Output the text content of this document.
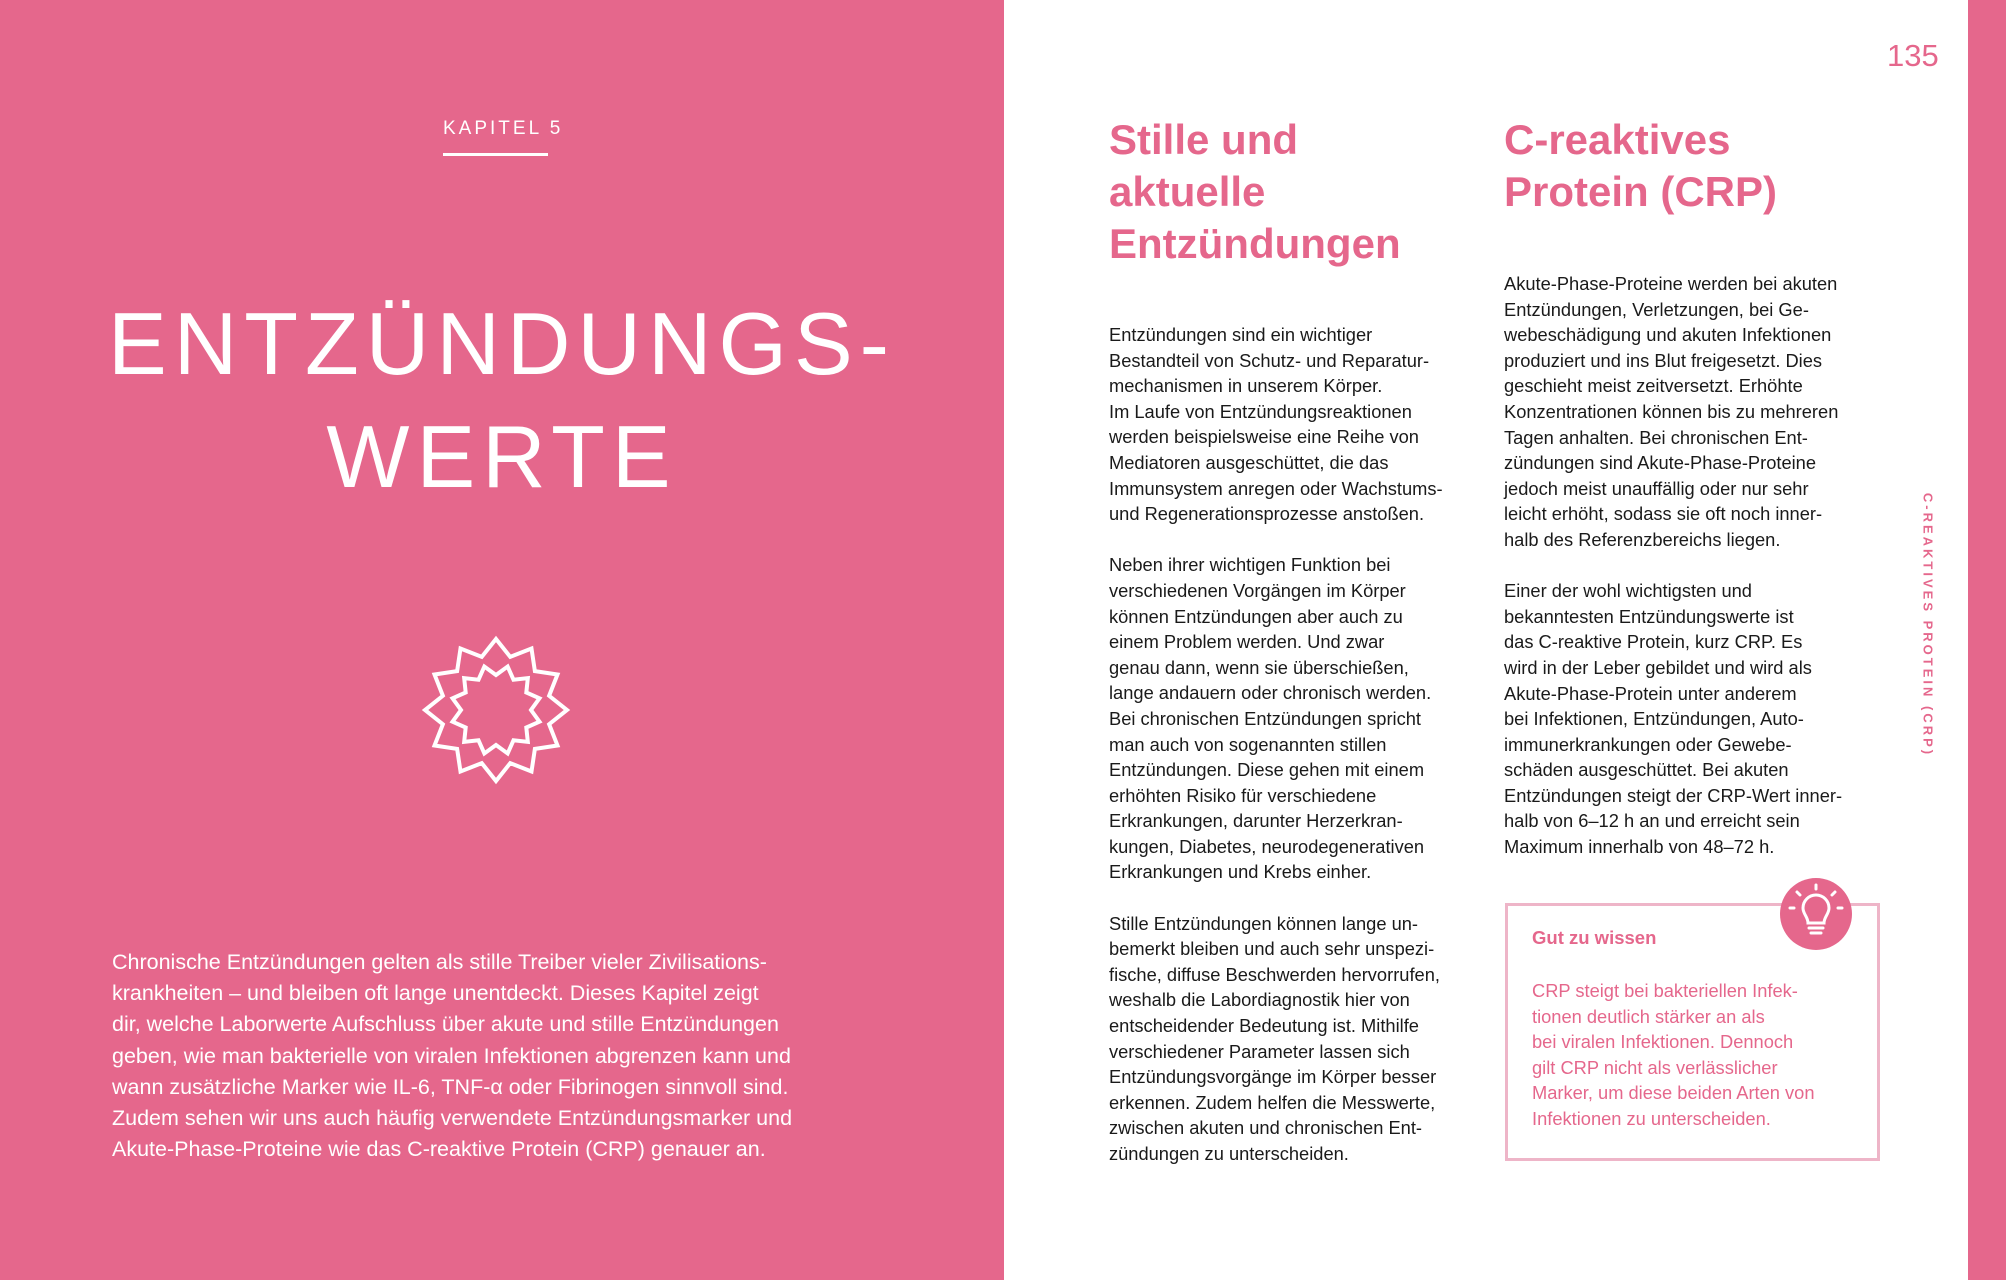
KAPITEL 5
ENTZÜNDUNGS-
WERTE
Chronische Entzündungen gelten als stille Treiber vieler Zivilisations-
krankheiten – und bleiben oft lange unentdeckt. Dieses Kapitel zeigt
dir, welche Laborwerte Aufschluss über akute und stille Entzündungen
geben, wie man bakterielle von viralen Infektionen abgrenzen kann und
wann zusätzliche Marker wie IL-6, TNF-α oder Fibrinogen sinnvoll sind.
Zudem sehen wir uns auch häufig verwendete Entzündungsmarker und
Akute-Phase-Proteine wie das C-reaktive Protein (CRP) genauer an.
135
Stille und
aktuelle
Entzündungen
C-reaktives
Protein (CRP)
Entzündungen sind ein wichtiger
Bestandteil von Schutz- und Reparatur-
mechanismen in unserem Körper.
Im Laufe von Entzündungsreaktionen
werden beispielsweise eine Reihe von
Mediatoren ausgeschüttet, die das
Immunsystem anregen oder Wachstums-
und Regenerationsprozesse anstoßen.
Neben ihrer wichtigen Funktion bei
verschiedenen Vorgängen im Körper
können Entzündungen aber auch zu
einem Problem werden. Und zwar
genau dann, wenn sie überschießen,
lange andauern oder chronisch werden.
Bei chronischen Entzündungen spricht
man auch von sogenannten stillen
Entzündungen. Diese gehen mit einem
erhöhten Risiko für verschiedene
Erkrankungen, darunter Herzerkran-
kungen, Diabetes, neurodegenerativen
Erkrankungen und Krebs einher.
Stille Entzündungen können lange un-
bemerkt bleiben und auch sehr unspezi-
fische, diffuse Beschwerden hervorrufen,
weshalb die Labordiagnostik hier von
entscheidender Bedeutung ist. Mithilfe
verschiedener Parameter lassen sich
Entzündungsvorgänge im Körper besser
erkennen. Zudem helfen die Messwerte,
zwischen akuten und chronischen Ent-
zündungen zu unterscheiden.
Akute-Phase-Proteine werden bei akuten
Entzündungen, Verletzungen, bei Ge-
webeschädigung und akuten Infektionen
produziert und ins Blut freigesetzt. Dies
geschieht meist zeitversetzt. Erhöhte
Konzentrationen können bis zu mehreren
Tagen anhalten. Bei chronischen Ent-
zündungen sind Akute-Phase-Proteine
jedoch meist unauffällig oder nur sehr
leicht erhöht, sodass sie oft noch inner-
halb des Referenzbereichs liegen.
Einer der wohl wichtigsten und
bekanntesten Entzündungswerte ist
das C-reaktive Protein, kurz CRP. Es
wird in der Leber gebildet und wird als
Akute-Phase-Protein unter anderem
bei Infektionen, Entzündungen, Auto-
immunerkrankungen oder Gewebe-
schäden ausgeschüttet. Bei akuten
Entzündungen steigt der CRP-Wert inner-
halb von 6–12 h an und erreicht sein
Maximum innerhalb von 48–72 h.
C-REAKTIVES PROTEIN (CRP)
Gut zu wissen
CRP steigt bei bakteriellen Infek-
tionen deutlich stärker an als
bei viralen Infektionen. Dennoch
gilt CRP nicht als verlässlicher
Marker, um diese beiden Arten von
Infektionen zu unterscheiden.
